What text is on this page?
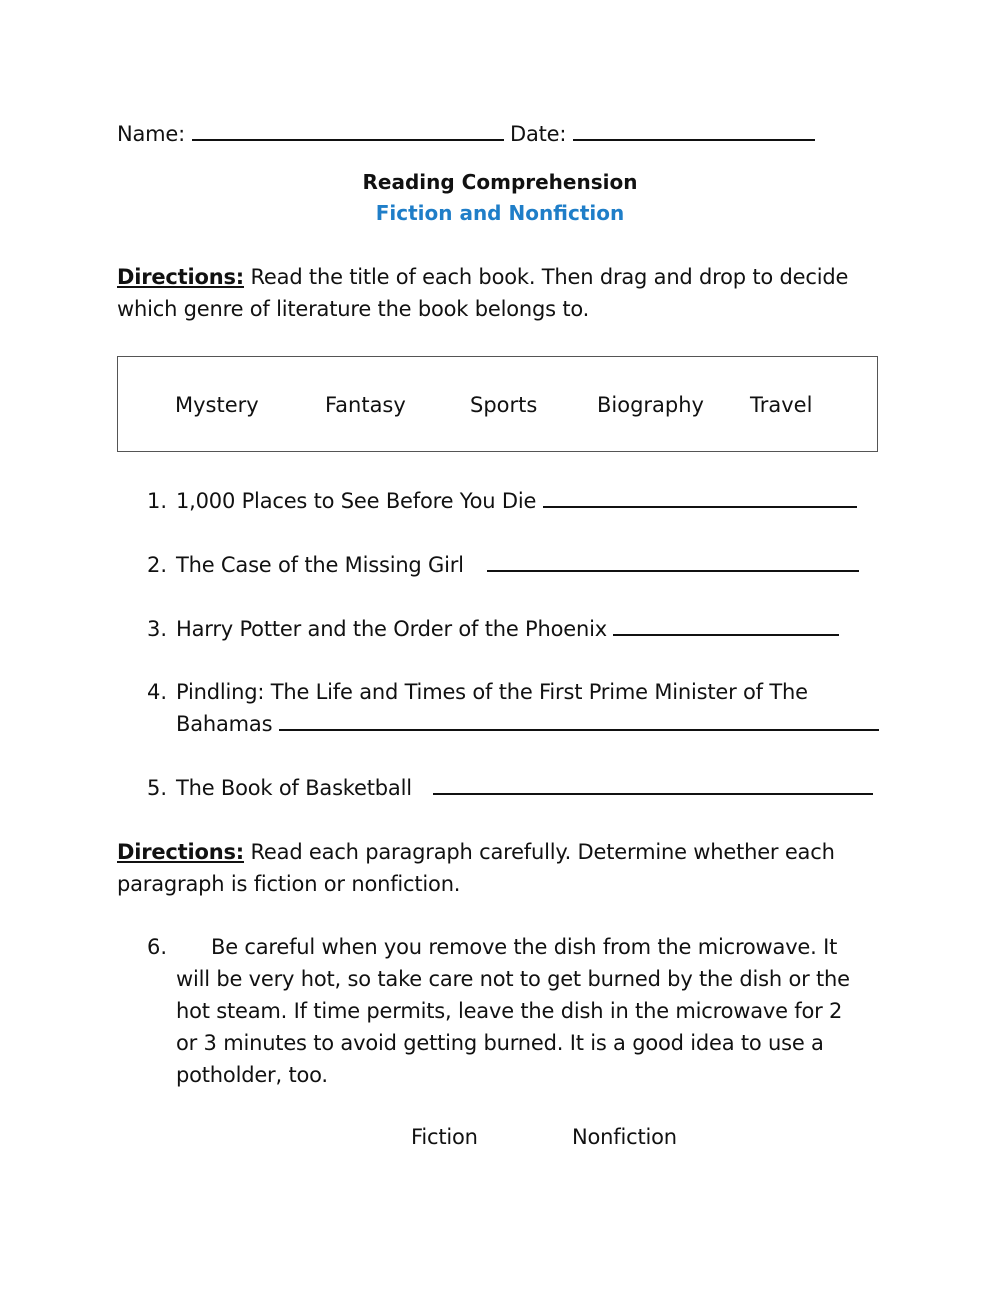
Name:	Date:
Reading Comprehension
Fiction and Nonfiction
Directions: Read the title of each book. Then drag and drop to decide
which genre of literature the book belongs to.
Mystery	Fantasy	Sports	Biography Travel
1. 1,000 Places to See Before You Die
2. The Case of the Missing Girl
3. Harry Potter and the Order of the Phoenix
4. Pindling: The Life and Times of the First Prime Minister of The
Bahamas
5. The Book of Basketball
Directions: Read each paragraph carefully. Determine whether each
paragraph is fiction or nonfiction.
6. Be careful when you remove the dish from the microwave. It
will be very hot, so take care not to get burned by the dish or the
hot steam. If time permits, leave the dish in the microwave for 2
or 3 minutes to avoid getting burned. It is a good idea to use a
potholder, too.
Fiction	Nonfiction
